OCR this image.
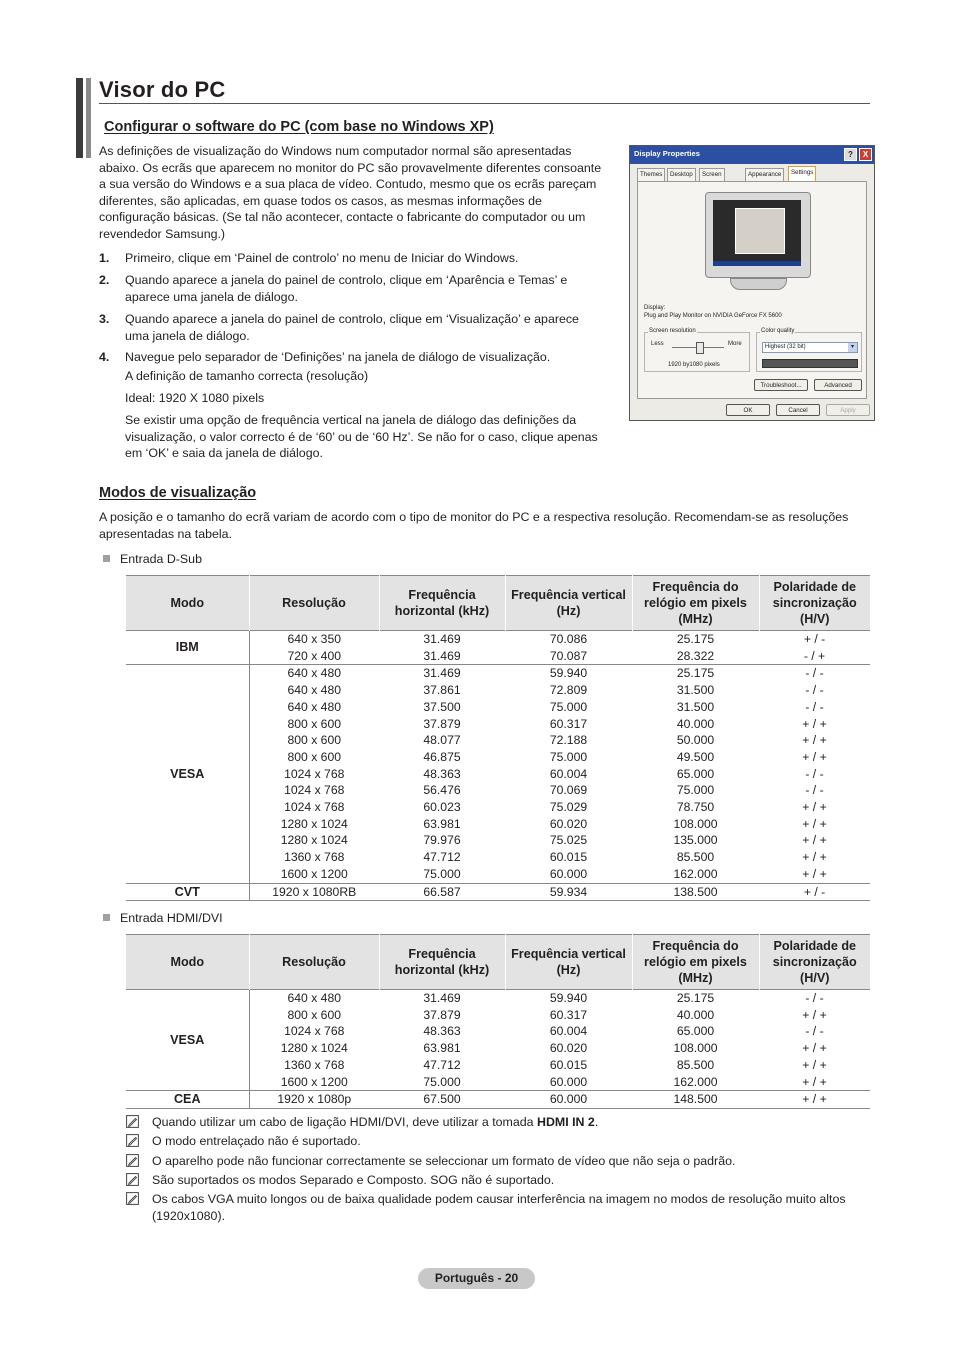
Visor do PC
Configurar o software do PC (com base no Windows XP)
As definições de visualização do Windows num computador normal são apresentadas abaixo. Os ecrãs que aparecem no monitor do PC são provavelmente diferentes consoante a sua versão do Windows e a sua placa de vídeo. Contudo, mesmo que os ecrãs pareçam diferentes, são aplicadas, em quase todos os casos, as mesmas informações de configuração básicas. (Se tal não acontecer, contacte o fabricante do computador ou um revendedor Samsung.)
1. Primeiro, clique em ‘Painel de controlo’ no menu de Iniciar do Windows.
2. Quando aparece a janela do painel de controlo, clique em ‘Aparência e Temas’ e aparece uma janela de diálogo.
3. Quando aparece a janela do painel de controlo, clique em ‘Visualização’ e aparece uma janela de diálogo.
4. Navegue pelo separador de ‘Definições’ na janela de diálogo de visualização.
A definição de tamanho correcta (resolução)
Ideal: 1920 X 1080 pixels
Se existir uma opção de frequência vertical na janela de diálogo das definições da visualização, o valor correcto é de ‘60’ ou de ‘60 Hz’. Se não for o caso, clique apenas em ‘OK’ e saia da janela de diálogo.
Display Properties	?	X
Themes	Desktop	Screen	Appearance	Settings
Display:
Plug and Play Monitor on NVIDIA GeForce FX 5600
Screen resolution
Less	More
1920 by1080 pixels
Color quality
Highest (32 bit)	▾
Troubleshoot...	Advanced
OK	Cancel	Apply
Modos de visualização
A posição e o tamanho do ecrã variam de acordo com o tipo de monitor do PC e a respectiva resolução. Recomendam-se as resoluções apresentadas na tabela.
Entrada D-Sub
Modo	Resolução	Frequência horizontal (kHz)	Frequência vertical (Hz)	Frequência do relógio em pixels (MHz)	Polaridade de sincronização (H/V)
IBM	640 x 350	31.469	70.086	25.175	+ / -
	720 x 400	31.469	70.087	28.322	- / +
VESA	640 x 480	31.469	59.940	25.175	- / -
	640 x 480	37.861	72.809	31.500	- / -
	640 x 480	37.500	75.000	31.500	- / -
	800 x 600	37.879	60.317	40.000	+ / +
	800 x 600	48.077	72.188	50.000	+ / +
	800 x 600	46.875	75.000	49.500	+ / +
	1024 x 768	48.363	60.004	65.000	- / -
	1024 x 768	56.476	70.069	75.000	- / -
	1024 x 768	60.023	75.029	78.750	+ / +
	1280 x 1024	63.981	60.020	108.000	+ / +
	1280 x 1024	79.976	75.025	135.000	+ / +
	1360 x 768	47.712	60.015	85.500	+ / +
	1600 x 1200	75.000	60.000	162.000	+ / +
CVT	1920 x 1080RB	66.587	59.934	138.500	+ / -
Entrada HDMI/DVI
Modo	Resolução	Frequência horizontal (kHz)	Frequência vertical (Hz)	Frequência do relógio em pixels (MHz)	Polaridade de sincronização (H/V)
VESA	640 x 480	31.469	59.940	25.175	- / -
	800 x 600	37.879	60.317	40.000	+ / +
	1024 x 768	48.363	60.004	65.000	- / -
	1280 x 1024	63.981	60.020	108.000	+ / +
	1360 x 768	47.712	60.015	85.500	+ / +
	1600 x 1200	75.000	60.000	162.000	+ / +
CEA	1920 x 1080p	67.500	60.000	148.500	+ / +
Quando utilizar um cabo de ligação HDMI/DVI, deve utilizar a tomada HDMI IN 2.
O modo entrelaçado não é suportado.
O aparelho pode não funcionar correctamente se seleccionar um formato de vídeo que não seja o padrão.
São suportados os modos Separado e Composto. SOG não é suportado.
Os cabos VGA muito longos ou de baixa qualidade podem causar interferência na imagem no modos de resolução muito altos (1920x1080).
Português - 20
